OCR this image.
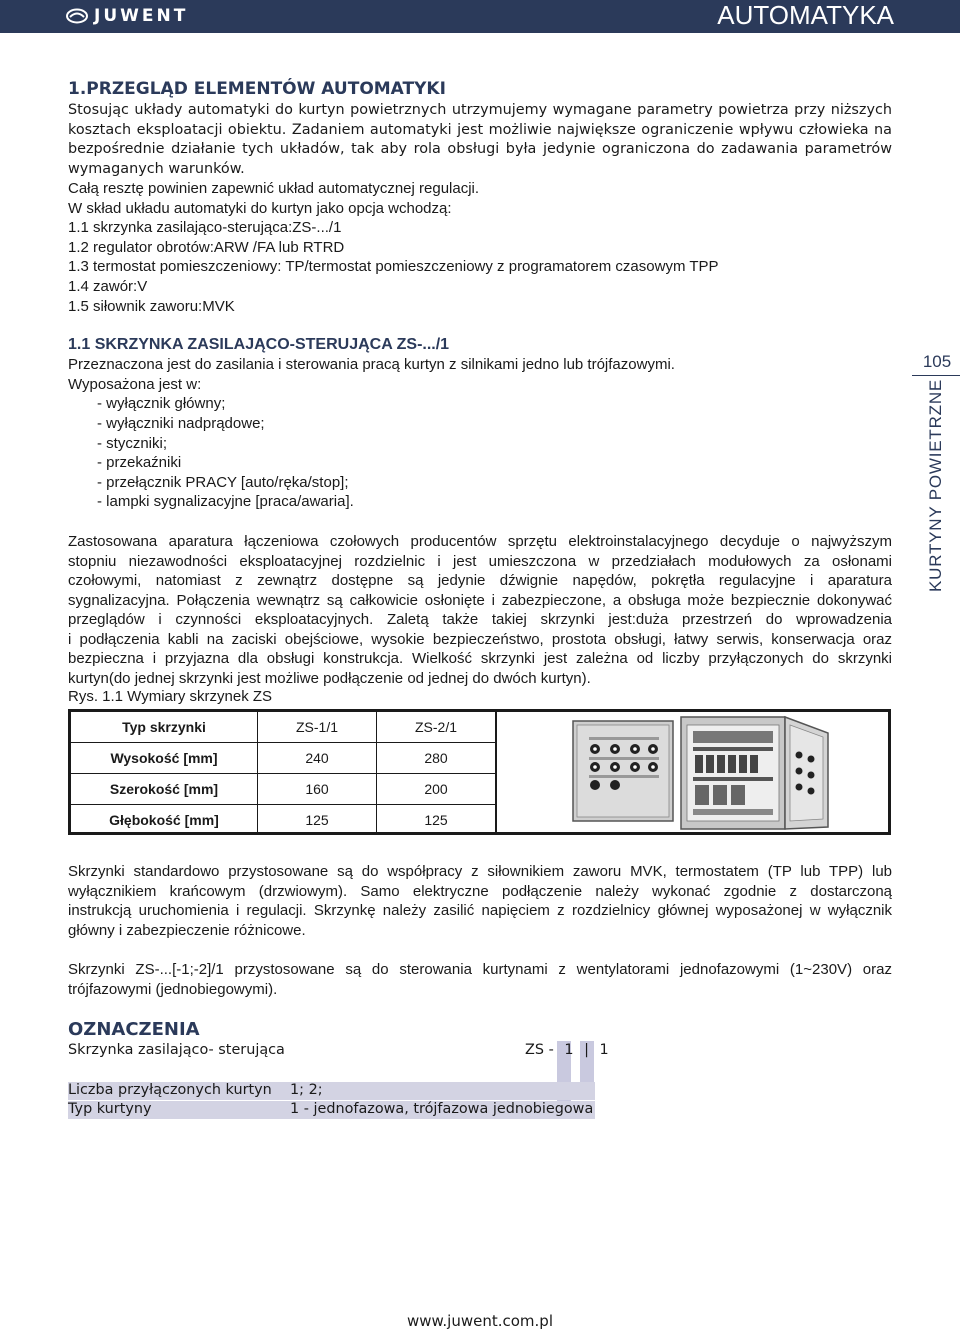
JUWENT	AUTOMATYKA
105
KURTYNY POWIETRZNE
1.PRZEGLĄD ELEMENTÓW AUTOMATYKI
Stosując układy automatyki do kurtyn powietrznych utrzymujemy wymagane parametry powietrza przy niższych
kosztach eksploatacji obiektu. Zadaniem automatyki jest możliwie największe ograniczenie wpływu człowieka na
bezpośrednie działanie tych układów, tak aby rola obsługi była jedynie ograniczona do zadawania parametrów
wymaganych warunków.
Całą resztę powinien zapewnić układ automatycznej regulacji.
W skład układu automatyki do kurtyn jako opcja wchodzą:
1.1 skrzynka zasilająco-sterująca:ZS-.../1
1.2 regulator obrotów:ARW /FA lub RTRD
1.3 termostat pomieszczeniowy: TP/termostat pomieszczeniowy z programatorem czasowym TPP
1.4 zawór:V
1.5 siłownik zaworu:MVK
1.1 SKRZYNKA ZASILAJĄCO-STERUJĄCA ZS-.../1
Przeznaczona jest do zasilania i sterowania pracą kurtyn z silnikami jedno lub trójfazowymi.
Wyposażona jest w:
- wyłącznik główny;
- wyłączniki nadprądowe;
- styczniki;
- przekaźniki
- przełącznik PRACY [auto/ręka/stop];
- lampki sygnalizacyjne [praca/awaria].
Zastosowana aparatura łączeniowa czołowych producentów sprzętu elektroinstalacyjnego decyduje o najwyższym
stopniu niezawodności eksploatacyjnej rozdzielnic i jest umieszczona w przedziałach modułowych za osłonami
czołowymi, natomiast z zewnątrz dostępne są jedynie dźwignie napędów, pokrętła regulacyjne i aparatura
sygnalizacyjna. Połączenia wewnątrz są całkowicie osłonięte i zabezpieczone, a obsługa może bezpiecznie dokonywać
przeglądów i czynności eksploatacyjnych. Zaletą także takiej skrzynki jest:duża przestrzeń do wprowadzenia
i podłączenia kabli na zaciski obejściowe, wysokie bezpieczeństwo, prostota obsługi, łatwy serwis, konserwacja oraz
bezpieczna i przyjazna dla obsługi konstrukcja. Wielkość skrzynki jest zależna od liczby przyłączonych do skrzynki
kurtyn(do jednej skrzynki jest możliwe podłączenie od jednej do dwóch kurtyn).
Rys. 1.1 Wymiary skrzynek ZS
Typ skrzynki	ZS-1/1	ZS-2/1
Wysokość [mm]	240	280
Szerokość [mm]	160	200
Głębokość [mm]	125	125
Skrzynki standardowo przystosowane są do współpracy z siłownikiem zaworu MVK, termostatem (TP lub TPP) lub
wyłącznikiem krańcowym (drzwiowym). Samo elektryczne podłączenie należy wykonać zgodnie z dostarczoną
instrukcją uruchomienia i regulacji. Skrzynkę należy zasilić napięciem z rozdzielnicy głównej wyposażonej w wyłącznik
główny i zabezpieczenie różnicowe.
Skrzynki ZS-...[-1;-2]/1 przystosowane są do sterowania kurtynami z wentylatorami jednofazowymi (1~230V) oraz
trójfazowymi (jednobiegowymi).
OZNACZENIA
Skrzynka zasilająco- sterująca	ZS - 1 | 1
Liczba przyłączonych kurtyn 1; 2;
Typ kurtyny	1 - jednofazowa, trójfazowa jednobiegowa
www.juwent.com.pl
